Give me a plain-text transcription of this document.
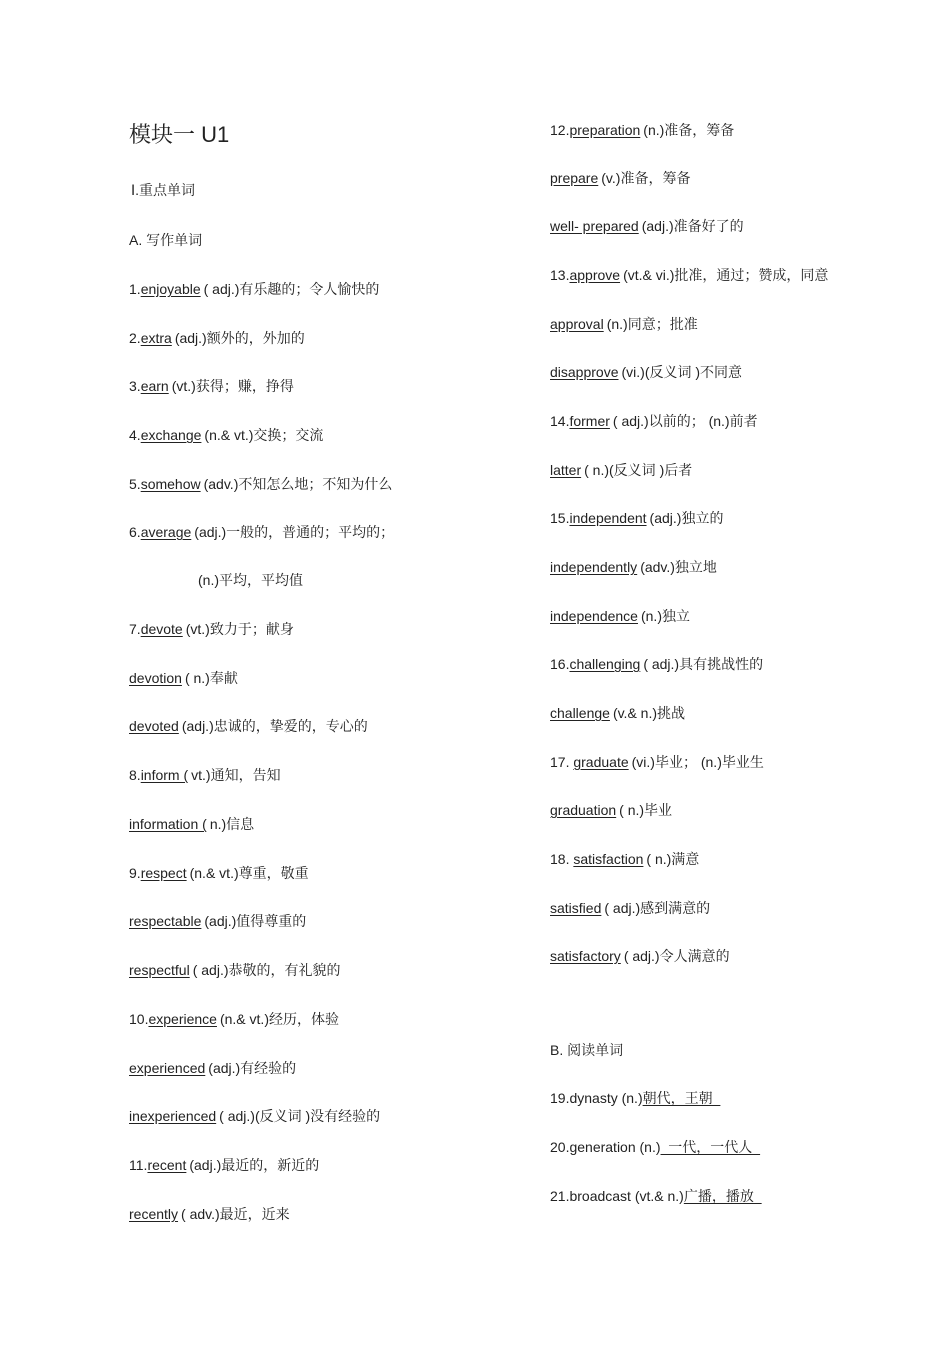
模块一 U1
Ⅰ.重点单词
A. 写作单词
1.enjoyable ( adj.)有乐趣的；令人愉快的
2.extra (adj.)额外的，外加的
3.earn (vt.)获得；赚，挣得
4.exchange (n.& vt.)交换；交流
5.somehow (adv.)不知怎么地；不知为什么
6.average (adj.)一般的，普通的；平均的；
(n.)平均，平均值
7.devote (vt.)致力于；献身
devotion ( n.)奉献
devoted (adj.)忠诚的，挚爱的，专心的
8.inform ( vt.)通知，告知
information ( n.)信息
9.respect (n.& vt.)尊重，敬重
respectable (adj.)值得尊重的
respectful ( adj.)恭敬的，有礼貌的
10.experience (n.& vt.)经历，体验
experienced (adj.)有经验的
inexperienced ( adj.)(反义词 )没有经验的
11.recent (adj.)最近的，新近的
recently ( adv.)最近，近来
12.preparation (n.)准备，筹备
prepare (v.)准备，筹备
well- prepared (adj.)准备好了的
13.approve (vt.& vi.)批准，通过；赞成，同意
approval (n.)同意；批准
disapprove (vi.)(反义词 )不同意
14.former ( adj.)以前的； (n.)前者
latter ( n.)(反义词 )后者
15.independent (adj.)独立的
independently (adv.)独立地
independence (n.)独立
16.challenging ( adj.)具有挑战性的
challenge (v.& n.)挑战
17. graduate (vi.)毕业； (n.)毕业生
graduation ( n.)毕业
18. satisfaction ( n.)满意
satisfied ( adj.)感到满意的
satisfactory ( adj.)令人满意的
B. 阅读单词
19.dynasty (n.)朝代，王朝
20.generation (n.)  一代，一代人
21.broadcast (vt.& n.)广播，播放
